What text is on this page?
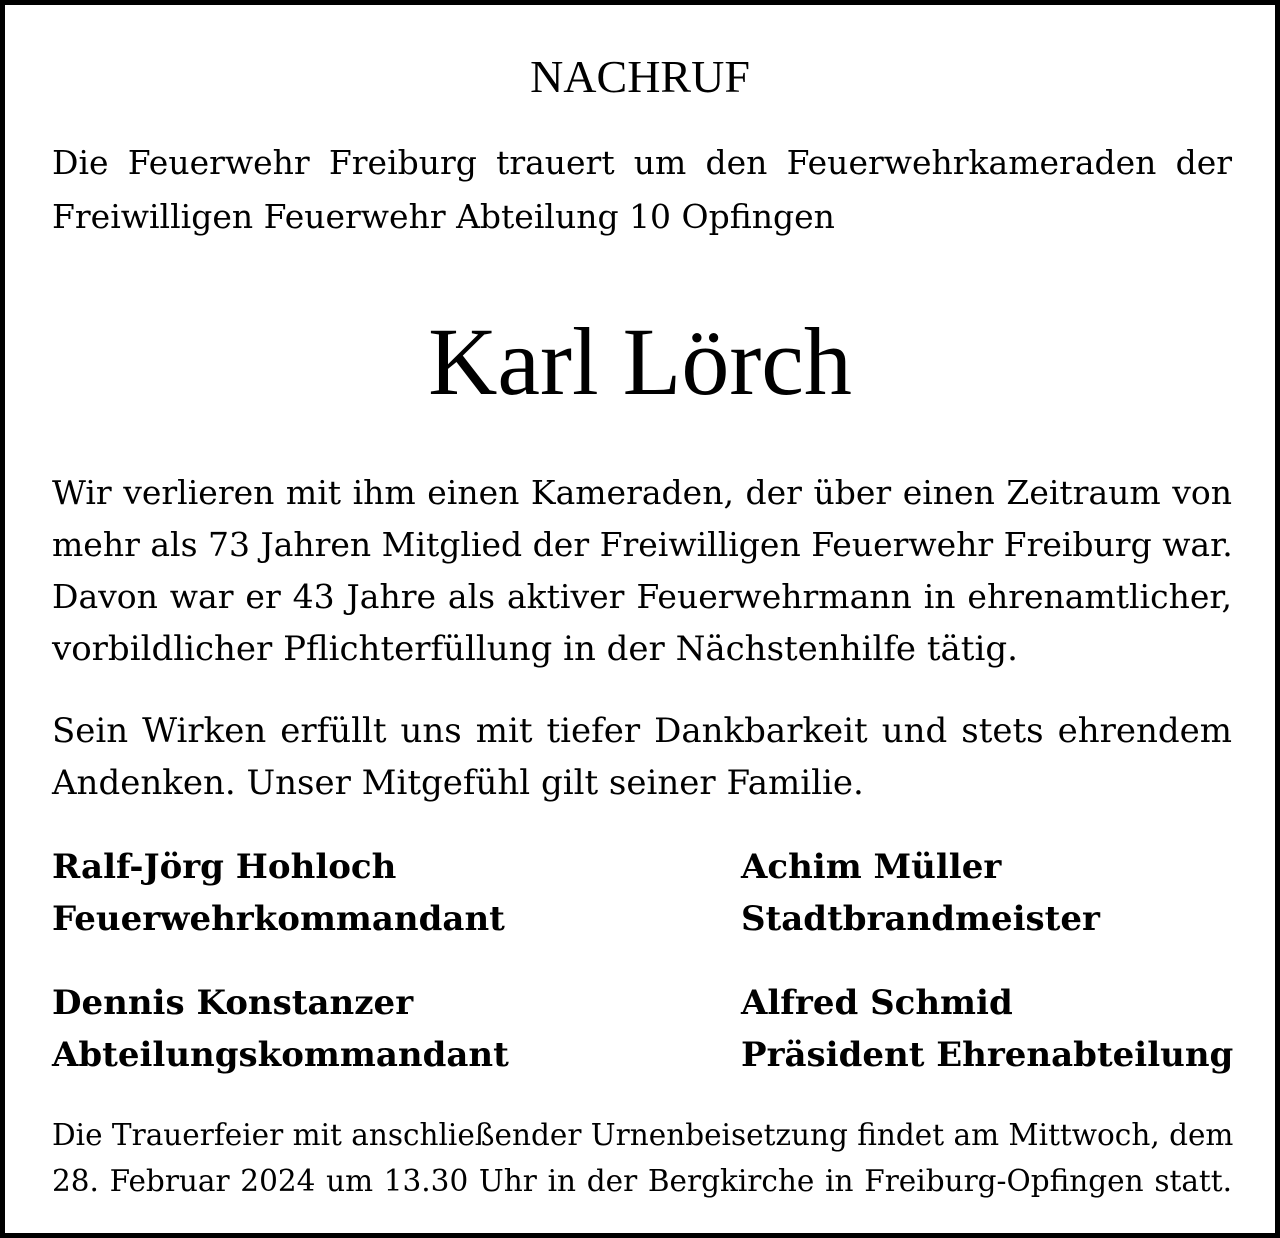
NACHRUF
Die Feuerwehr Freiburg trauert um den Feuerwehrkameraden der
Freiwilligen Feuerwehr Abteilung 10 Opfingen
Karl Lörch
Wir verlieren mit ihm einen Kameraden, der über einen Zeitraum von
mehr als 73 Jahren Mitglied der Freiwilligen Feuerwehr Freiburg war.
Davon war er 43 Jahre als aktiver Feuerwehrmann in ehrenamtlicher,
vorbildlicher Pflichterfüllung in der Nächstenhilfe tätig.
Sein Wirken erfüllt uns mit tiefer Dankbarkeit und stets ehrendem
Andenken. Unser Mitgefühl gilt seiner Familie.
Ralf-Jörg Hohloch
Feuerwehrkommandant
Achim Müller
Stadtbrandmeister
Dennis Konstanzer
Abteilungskommandant
Alfred Schmid
Präsident Ehrenabteilung
Die Trauerfeier mit anschließender Urnenbeisetzung findet am Mittwoch, dem
28. Februar 2024 um 13.30 Uhr in der Bergkirche in Freiburg-Opfingen statt.
